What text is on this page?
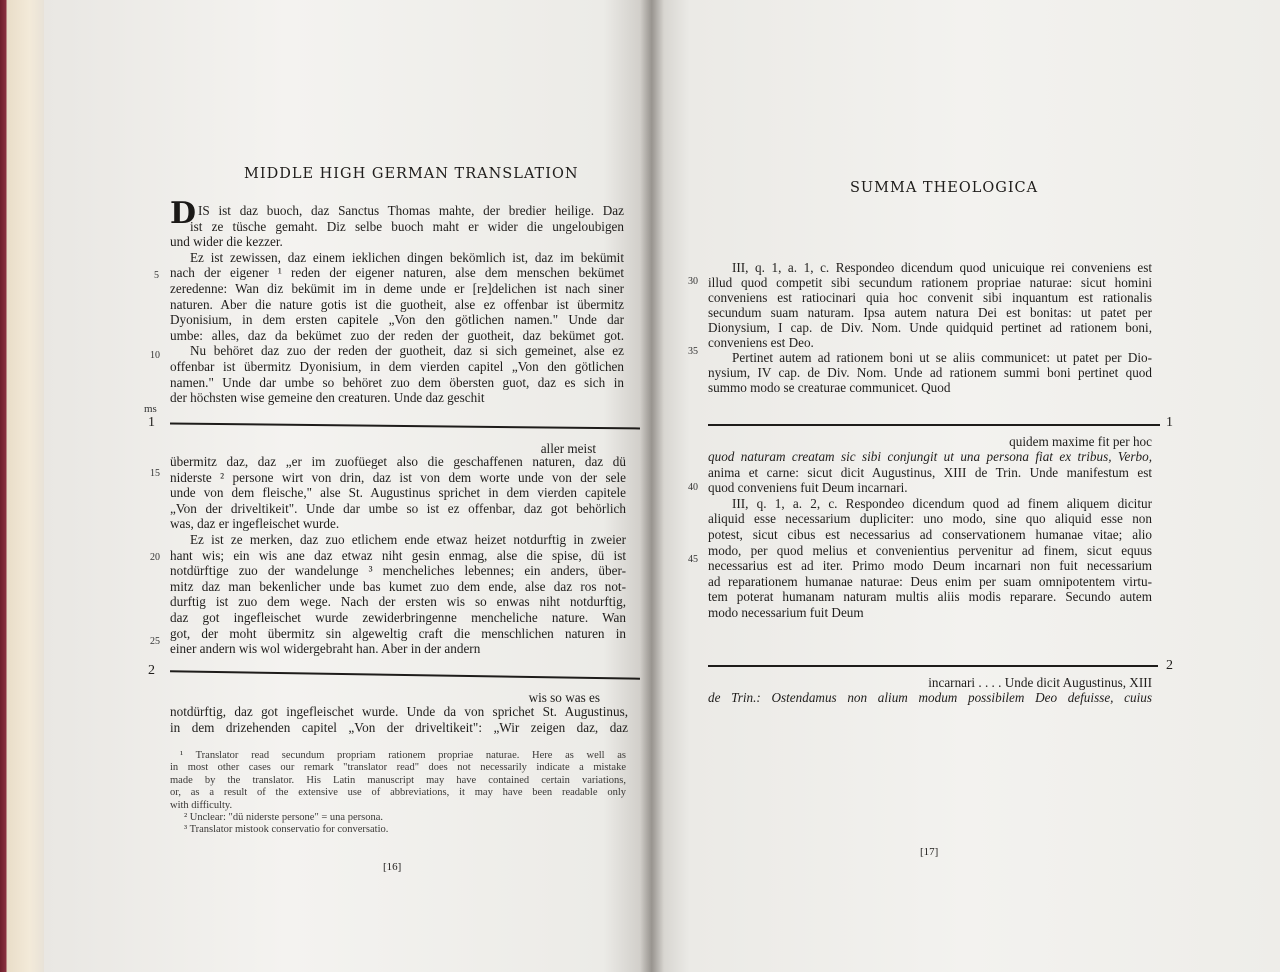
MIDDLE HIGH GERMAN TRANSLATION
D IS ist daz buoch, daz Sanctus Thomas mahte, der bredier heilige. Daz
ist ze tüsche gemaht. Diz selbe buoch maht er wider die ungeloubigen
und wider die kezzer.
Ez ist zewissen, daz einem ieklichen dingen bekömlich ist, daz im bekümit
nach der eigener ¹ reden der eigener naturen, alse dem menschen bekümet
zeredenne: Wan diz bekümit im in deme unde er [re]delichen ist nach siner
naturen. Aber die nature gotis ist die guotheit, alse ez offenbar ist übermitz
Dyonisium, in dem ersten capitele „Von den götlichen namen." Unde dar
umbe: alles, daz da bekümet zuo der reden der guotheit, daz bekümet got.
Nu behöret daz zuo der reden der guotheit, daz si sich gemeinet, alse ez
offenbar ist übermitz Dyonisium, in dem vierden capitel „Von den götlichen
namen." Unde dar umbe so behöret zuo dem öbersten guot, daz es sich in
der höchsten wise gemeine den creaturen. Unde daz geschit
5
10
ms
1
aller meist
übermitz daz, daz „er im zuofüeget also die geschaffenen naturen, daz dü
niderste ² persone wirt von drin, daz ist von dem worte unde von der sele
unde von dem fleische," alse St. Augustinus sprichet in dem vierden capitele
„Von der driveltikeit". Unde dar umbe so ist ez offenbar, daz got behörlich
was, daz er ingefleischet wurde.
Ez ist ze merken, daz zuo etlichem ende etwaz heizet notdurftig in zweier
hant wis; ein wis ane daz etwaz niht gesin enmag, alse die spise, dü ist
notdürftige zuo der wandelunge ³ mencheliches lebennes; ein anders, über-
mitz daz man bekenlicher unde bas kumet zuo dem ende, alse daz ros not-
durftig ist zuo dem wege. Nach der ersten wis so enwas niht notdurftig,
daz got ingefleischet wurde zewiderbringenne mencheliche nature. Wan
got, der moht übermitz sin algeweltig craft die menschlichen naturen in
einer andern wis wol widergebraht han. Aber in der andern
15
20
25
2
wis so was es
notdürftig, daz got ingefleischet wurde. Unde da von sprichet St. Augustinus,
in dem drizehenden capitel „Von der driveltikeit": „Wir zeigen daz, daz
¹ Translator read secundum propriam rationem propriae naturae. Here as well as
in most other cases our remark "translator read" does not necessarily indicate a mistake
made by the translator. His Latin manuscript may have contained certain variations,
or, as a result of the extensive use of abbreviations, it may have been readable only
with difficulty.
² Unclear: "dü niderste persone" = una persona.
³ Translator mistook conservatio for conversatio.
[16]
SUMMA THEOLOGICA
III, q. 1, a. 1, c. Respondeo dicendum quod unicuique rei conveniens est
illud quod competit sibi secundum rationem propriae naturae: sicut homini
conveniens est ratiocinari quia hoc convenit sibi inquantum est rationalis
secundum suam naturam. Ipsa autem natura Dei est bonitas: ut patet per
Dionysium, I cap. de Div. Nom. Unde quidquid pertinet ad rationem boni,
conveniens est Deo.
Pertinet autem ad rationem boni ut se aliis communicet: ut patet per Dio-
nysium, IV cap. de Div. Nom. Unde ad rationem summi boni pertinet quod
summo modo se creaturae communicet. Quod
30
35
1
quidem maxime fit per hoc
quod naturam creatam sic sibi conjungit ut una persona fiat ex tribus, Verbo,
anima et carne: sicut dicit Augustinus, XIII de Trin. Unde manifestum est
quod conveniens fuit Deum incarnari.
III, q. 1, a. 2, c. Respondeo dicendum quod ad finem aliquem dicitur
aliquid esse necessarium dupliciter: uno modo, sine quo aliquid esse non
potest, sicut cibus est necessarius ad conservationem humanae vitae; alio
modo, per quod melius et convenientius pervenitur ad finem, sicut equus
necessarius est ad iter. Primo modo Deum incarnari non fuit necessarium
ad reparationem humanae naturae: Deus enim per suam omnipotentem virtu-
tem poterat humanam naturam multis aliis modis reparare. Secundo autem
modo necessarium fuit Deum
40
45
2
incarnari . . . . Unde dicit Augustinus, XIII
de Trin.: Ostendamus non alium modum possibilem Deo defuisse, cuius
[17]
